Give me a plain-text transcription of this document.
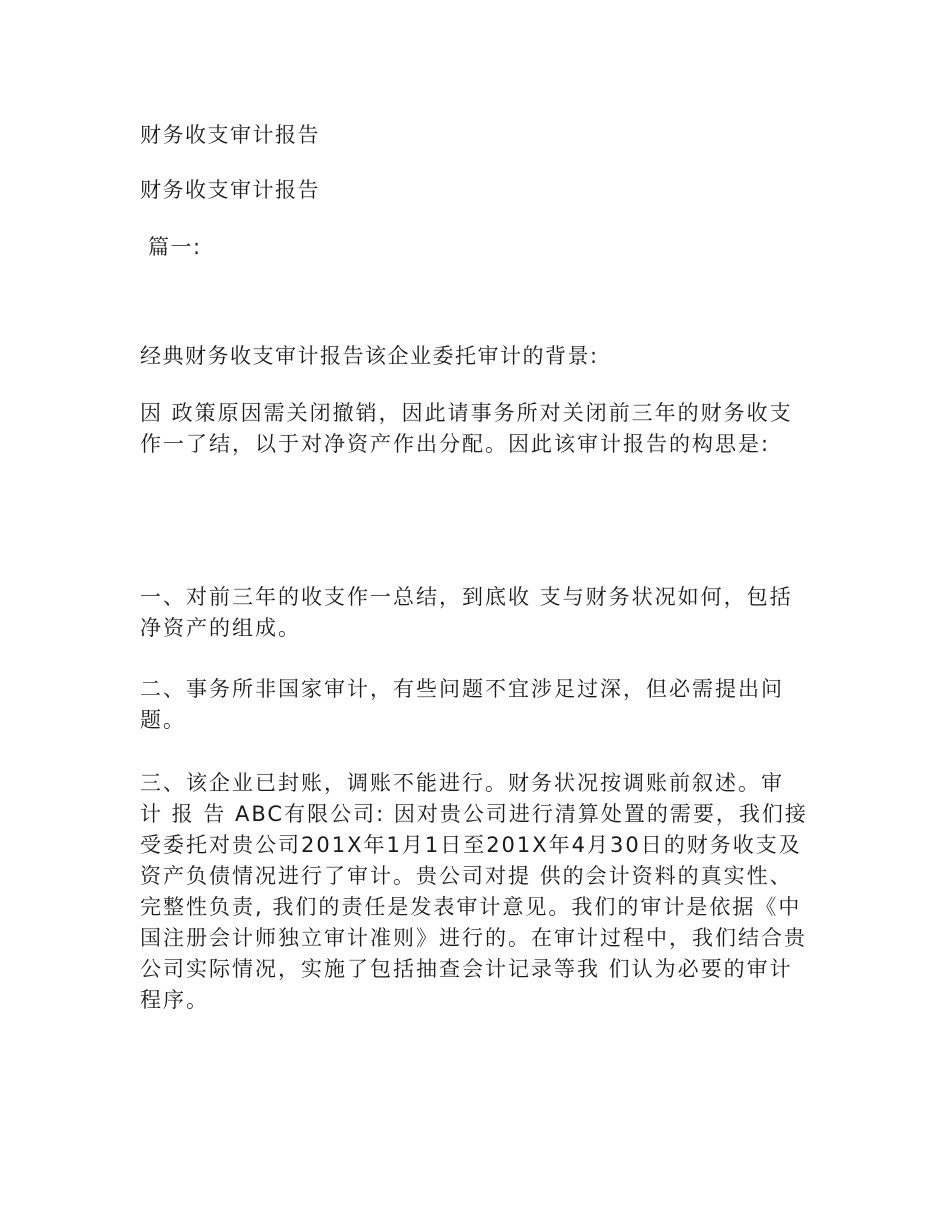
财务收支审计报告
财务收支审计报告
篇一:
经典财务收支审计报告该企业委托审计的背景:
因 政策原因需关闭撤销，因此请事务所对关闭前三年的财务收支作一了结，以于对净资产作出分配。因此该审计报告的构思是:
一、对前三年的收支作一总结，到底收 支与财务状况如何，包括净资产的组成。
二、事务所非国家审计，有些问题不宜涉足过深，但必需提出问题。
三、该企业已封账，调账不能进行。财务状况按调账前叙述。审 计 报 告 ABC有限公司: 因对贵公司进行清算处置的需要，我们接受委托对贵公司201X年1月1日至201X年4月30日的财务收支及资产负债情况进行了审计。贵公司对提 供的会计资料的真实性、完整性负责, 我们的责任是发表审计意见。我们的审计是依据《中国注册会计师独立审计准则》进行的。在审计过程中，我们结合贵公司实际情况，实施了包括抽查会计记录等我 们认为必要的审计程序。
